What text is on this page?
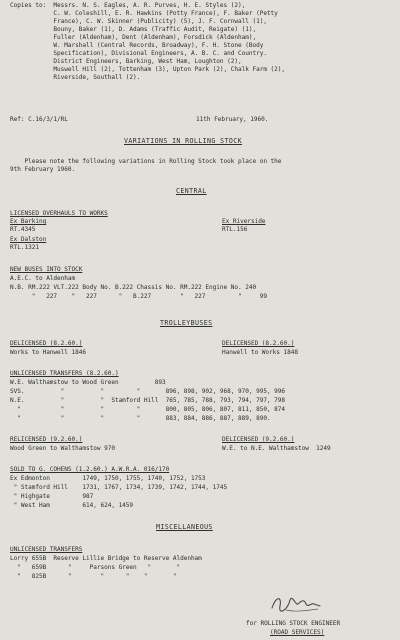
Copies to:  Messrs. N. S. Eagles, A. R. Purves, H. E. Styles (2),
C. W. Coleshill, E. R. Hawkins (Potty France), F. Baker (Petty
France), C. W. Skinner (Publicity) (5), J. F. Cornwall (1),
Bouny, Baker (1), D. Adams (Traffic Audit, Reigate) (1),
Fuller (Aldenham), Dent (Aldenham), Forsdick (Aldenham),
W. Marshall (Central Records, Broadway), F. H. Stone (Body
Specification), Divisional Engineers, A. B. C. and Country.
District Engineers, Barking, West Ham, Loughton (2),
Muswell Hill (2), Tottenham (3), Upton Park (2), Chalk Farm (2),
Riverside, Southall (2).
Ref: C.16/3/1/RL	11th February, 1960.
VARIATIONS IN ROLLING STOCK
Please note the following variations in Rolling Stock took place on the
9th February 1960.
CENTRAL
LICENSED OVERHAULS TO WORKS
Ex Barking	Ex Riverside
RT.4345	RTL.156
Ex Dalston
RTL.1321
NEW BUSES INTO STOCK
A.E.C. to Aldenham
N.B. RM.222 VLT.222 Body No. B.222 Chassis No. RM.222 Engine No. 240
"   227    "   227      "   B.227        "   227         "     99
TROLLEYBUSES
DELICENSED (8.2.60.)	DELICENSED (8.2.60.)
Works to Hanwell 1846	Hanwell to Works 1848
UNLICENSED TRANSFERS (8.2.60.)
W.E. Walthamstow to Wood Green          893
SVS.          "          "         "       896, 898, 902, 968, 970, 995, 996
N.E.          "          "  Stamford Hill  765, 785, 788, 793, 794, 797, 798
"           "          "         "       800, 805, 806, 807, 811, 850, 874
"           "          "         "       883, 884, 886, 887, 889, 890.
RELICENSED (9.2.60.)	DELICENSED (9.2.60.)
Wood Green to Walthamstow 970	W.E. to N.E. Walthamstow  1249
SOLD TO G. COHENS (1.2.60.) A.W.R.A. 016/170
Ex Edmonton         1749, 1750, 1755, 1740, 1752, 1753
" Stamford Hill    1731, 1767, 1734, 1739, 1742, 1744, 1745
" Highgate         987
" West Ham         614, 624, 1459
MISCELLANEOUS
UNLICENSED TRANSFERS
Lorry 655B  Reserve Lillie Bridge to Reserve Aldenham
"   659B      "     Parsons Green   "       "
"   825B      "        "      "    "       "
for ROLLING STOCK ENGINEER
(ROAD SERVICES)
